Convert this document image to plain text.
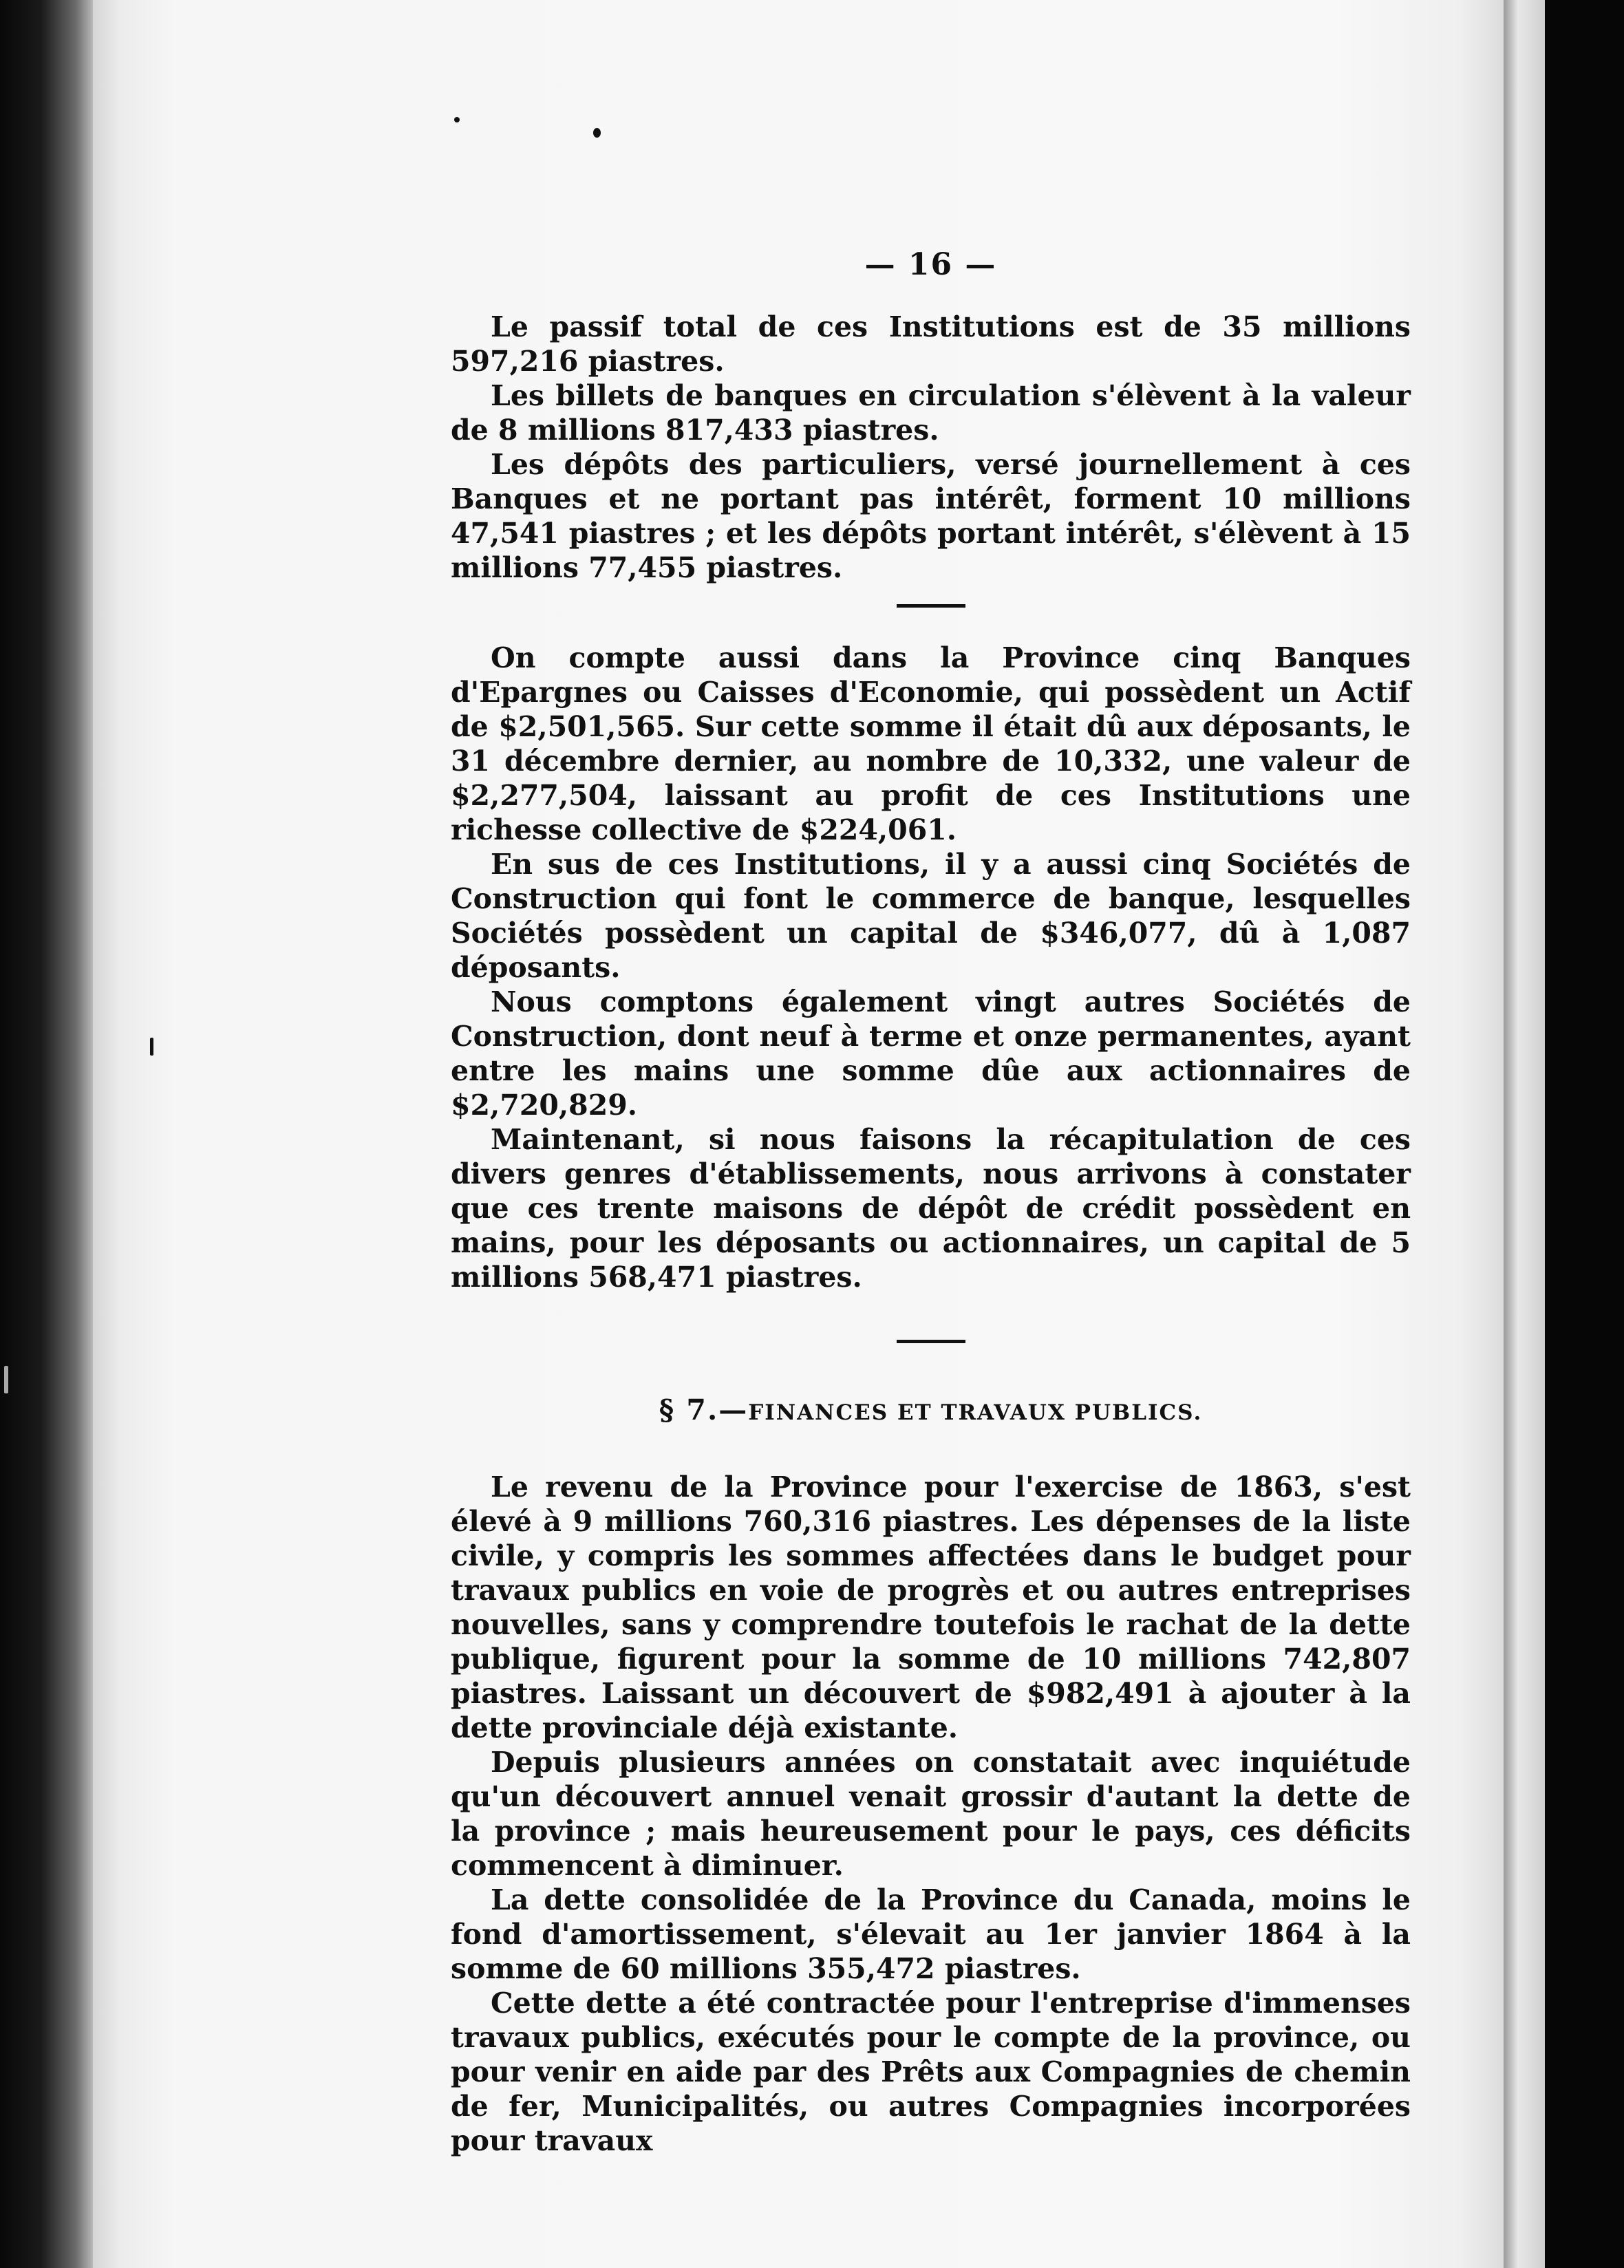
— 16 —

Le passif total de ces Institutions est de 35 millions 597,216 piastres.

Les billets de banques en circulation s'élèvent à la valeur de 8 millions 817,433 piastres.

Les dépôts des particuliers, versé journellement à ces Banques et ne portant pas intérêt, forment 10 millions 47,541 piastres ; et les dépôts portant intérêt, s'élèvent à 15 millions 77,455 piastres.

On compte aussi dans la Province cinq Banques d'Epargnes ou Caisses d'Economie, qui possèdent un Actif de $2,501,565. Sur cette somme il était dû aux déposants, le 31 décembre dernier, au nombre de 10,332, une valeur de $2,277,504, laissant au profit de ces Institutions une richesse collective de $224,061.

En sus de ces Institutions, il y a aussi cinq Sociétés de Construction qui font le commerce de banque, lesquelles Sociétés possèdent un capital de $346,077, dû à 1,087 déposants.

Nous comptons également vingt autres Sociétés de Construction, dont neuf à terme et onze permanentes, ayant entre les mains une somme dûe aux actionnaires de $2,720,829.

Maintenant, si nous faisons la récapitulation de ces divers genres d'établissements, nous arrivons à constater que ces trente maisons de dépôt de crédit possèdent en mains, pour les déposants ou actionnaires, un capital de 5 millions 568,471 piastres.

§ 7.—FINANCES ET TRAVAUX PUBLICS.

Le revenu de la Province pour l'exercise de 1863, s'est élevé à 9 millions 760,316 piastres. Les dépenses de la liste civile, y compris les sommes affectées dans le budget pour travaux publics en voie de progrès et ou autres entreprises nouvelles, sans y comprendre toutefois le rachat de la dette publique, figurent pour la somme de 10 millions 742,807 piastres. Laissant un découvert de $982,491 à ajouter à la dette provinciale déjà existante.

Depuis plusieurs années on constatait avec inquiétude qu'un découvert annuel venait grossir d'autant la dette de la province ; mais heureusement pour le pays, ces déficits commencent à diminuer.

La dette consolidée de la Province du Canada, moins le fond d'amortissement, s'élevait au 1er janvier 1864 à la somme de 60 millions 355,472 piastres.

Cette dette a été contractée pour l'entreprise d'immenses travaux publics, exécutés pour le compte de la province, ou pour venir en aide par des Prêts aux Compagnies de chemin de fer, Municipalités, ou autres Compagnies incorporées pour travaux
